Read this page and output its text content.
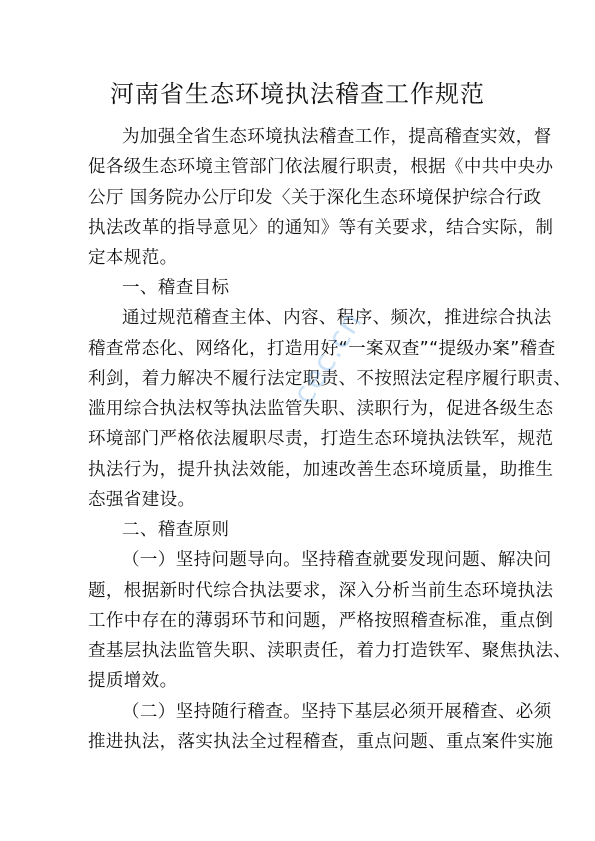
河南省生态环境执法稽查工作规范
为加强全省生态环境执法稽查工作，提高稽查实效，督
促各级生态环境主管部门依法履行职责，根据《中共中央办
公厅 国务院办公厅印发〈关于深化生态环境保护综合行政
执法改革的指导意见〉的通知》等有关要求，结合实际，制
定本规范。
一、稽查目标
通过规范稽查主体、内容、程序、频次，推进综合执法
稽查常态化、网络化，打造用好“一案双查”“提级办案”稽查
利剑，着力解决不履行法定职责、不按照法定程序履行职责、
滥用综合执法权等执法监管失职、渎职行为，促进各级生态
环境部门严格依法履职尽责，打造生态环境执法铁军，规范
执法行为，提升执法效能，加速改善生态环境质量，助推生
态强省建设。
二、稽查原则
（一）坚持问题导向。坚持稽查就要发现问题、解决问
题，根据新时代综合执法要求，深入分析当前生态环境执法
工作中存在的薄弱环节和问题，严格按照稽查标准，重点倒
查基层执法监管失职、渎职责任，着力打造铁军、聚焦执法、
提质增效。
（二）坚持随行稽查。坚持下基层必须开展稽查、必须
推进执法，落实执法全过程稽查，重点问题、重点案件实施
cec.cn
